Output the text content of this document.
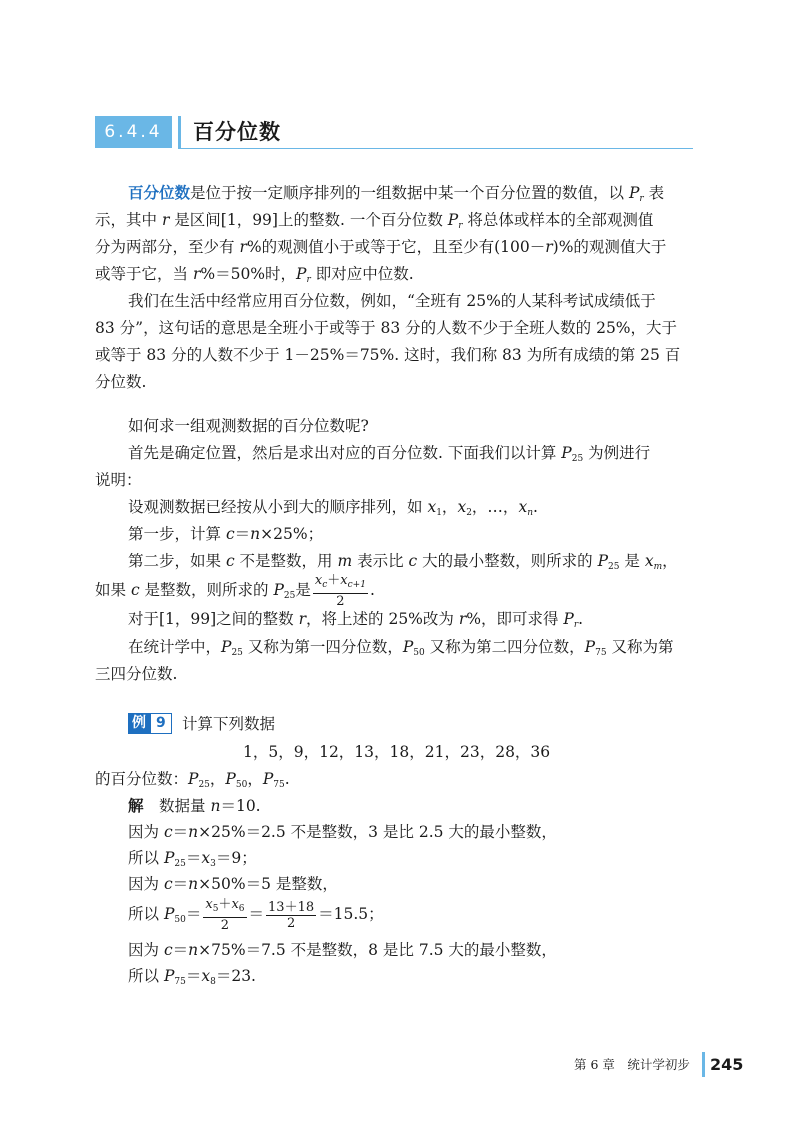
6.4.4	百分位数
百分位数是位于按一定顺序排列的一组数据中某一个百分位置的数值，以 $P_r$ 表
示，其中 r 是区间[1，99]上的整数. 一个百分位数 $P_r$ 将总体或样本的全部观测值
分为两部分，至少有 r%的观测值小于或等于它，且至少有(100－r)%的观测值大于
或等于它，当 r%＝50%时，$P_r$ 即对应中位数.
我们在生活中经常应用百分位数，例如，“全班有 25%的人某科考试成绩低于
83 分”，这句话的意思是全班小于或等于 83 分的人数不少于全班人数的 25%，大于
或等于 83 分的人数不少于 1－25%＝75%. 这时，我们称 83 为所有成绩的第 25 百
分位数.
如何求一组观测数据的百分位数呢?
首先是确定位置，然后是求出对应的百分位数. 下面我们以计算 $P_{25}$ 为例进行
说明：
设观测数据已经按从小到大的顺序排列，如 $x_1$，$x_2$，…，$x_n$.
第一步，计算 c＝n×25%；
第二步，如果 c 不是整数，用 m 表示比 c 大的最小整数，则所求的 $P_{25}$ 是 $x_m$，
如果 c 是整数，则所求的 $P_{25}$是 $\frac{x_c+x_{c+1}}{2}$ .
对于[1，99]之间的整数 r，将上述的 25%改为 r%，即可求得 $P_r$.
在统计学中，$P_{25}$ 又称为第一四分位数，$P_{50}$ 又称为第二四分位数，$P_{75}$ 又称为第
三四分位数.
例 9	计算下列数据
1，5，9，12，13，18，21，23，28，36
的百分位数：$P_{25}$，$P_{50}$，$P_{75}$.
解　 数据量 n＝10.
因为 c＝n×25%＝2.5 不是整数，3 是比 2.5 大的最小整数，
所以 $P_{25}=x_3=9$；
因为 c＝n×50%＝5 是整数，
所以 $P_{50}= \frac{x_5+x_6}{2} = \frac{13+18}{2} =15.5$；
因为 c＝n×75%＝7.5 不是整数，8 是比 7.5 大的最小整数，
所以 $P_{75}=x_8=23$.
第 6 章　统计学初步 245
